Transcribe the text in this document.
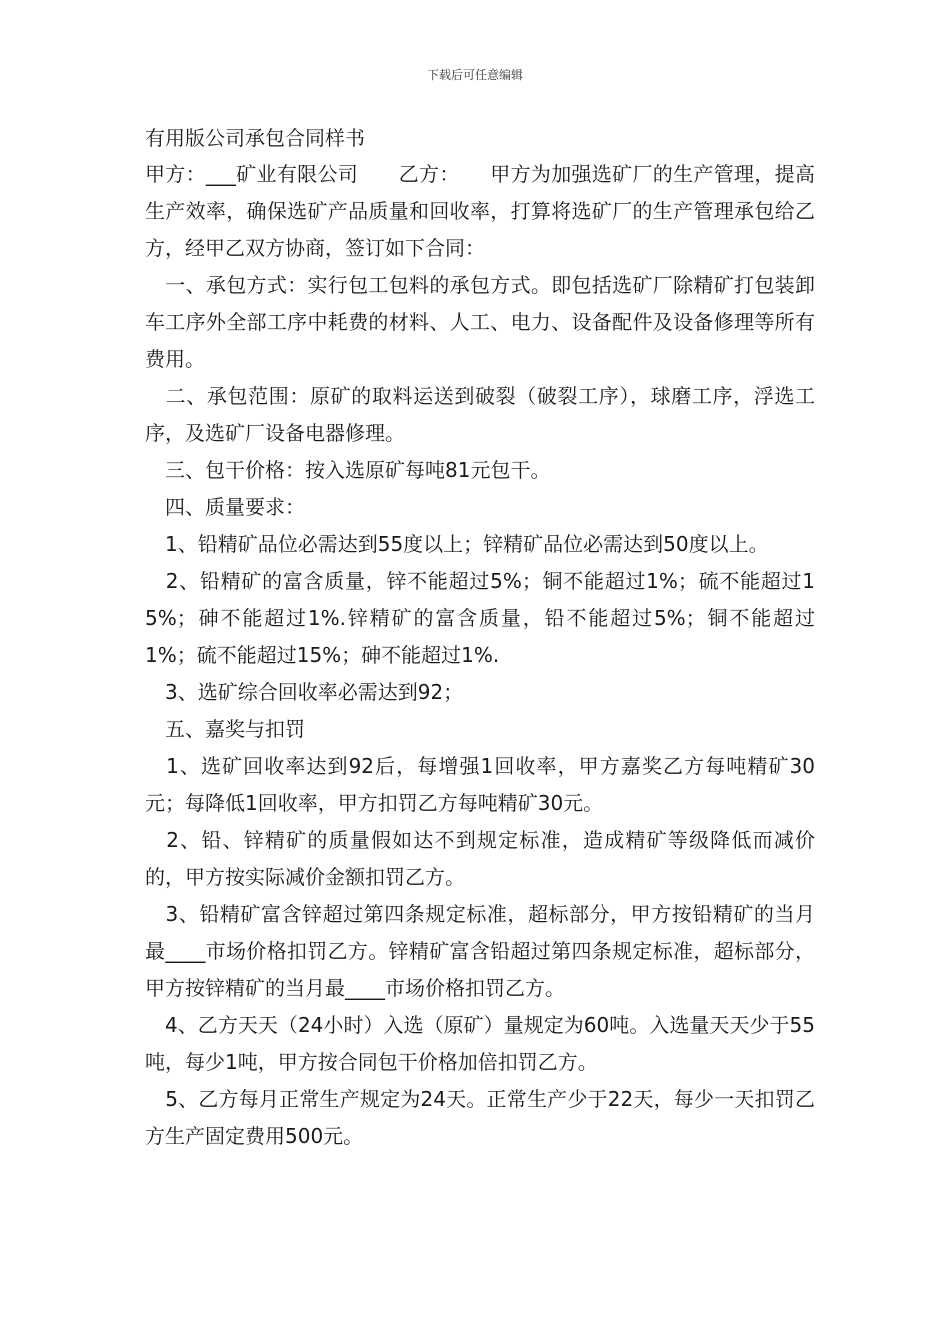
下载后可任意编辑
有用版公司承包合同样书

甲方：___矿业有限公司　　乙方：　　甲方为加强选矿厂的生产管理，提高生产效率，确保选矿产品质量和回收率，打算将选矿厂的生产管理承包给乙方，经甲乙双方协商，签订如下合同：

　一、承包方式：实行包工包料的承包方式。即包括选矿厂除精矿打包装卸车工序外全部工序中耗费的材料、人工、电力、设备配件及设备修理等所有费用。

　二、承包范围：原矿的取料运送到破裂（破裂工序），球磨工序，浮选工序，及选矿厂设备电器修理。

　三、包干价格：按入选原矿每吨81元包干。

　四、质量要求：

　1、铅精矿品位必需达到55度以上；锌精矿品位必需达到50度以上。

　2、铅精矿的富含质量，锌不能超过5%；铜不能超过1%；硫不能超过15%；砷不能超过1%.锌精矿的富含质量，铅不能超过5%；铜不能超过1%；硫不能超过15%；砷不能超过1%.

　3、选矿综合回收率必需达到92；

　五、嘉奖与扣罚

　1、选矿回收率达到92后，每增强1回收率，甲方嘉奖乙方每吨精矿30元；每降低1回收率，甲方扣罚乙方每吨精矿30元。

　2、铅、锌精矿的质量假如达不到规定标准，造成精矿等级降低而减价的，甲方按实际减价金额扣罚乙方。

　3、铅精矿富含锌超过第四条规定标准，超标部分，甲方按铅精矿的当月最____市场价格扣罚乙方。锌精矿富含铅超过第四条规定标准，超标部分，甲方按锌精矿的当月最____市场价格扣罚乙方。

　4、乙方天天（24小时）入选（原矿）量规定为60吨。入选量天天少于55吨，每少1吨，甲方按合同包干价格加倍扣罚乙方。

　5、乙方每月正常生产规定为24天。正常生产少于22天，每少一天扣罚乙方生产固定费用500元。
